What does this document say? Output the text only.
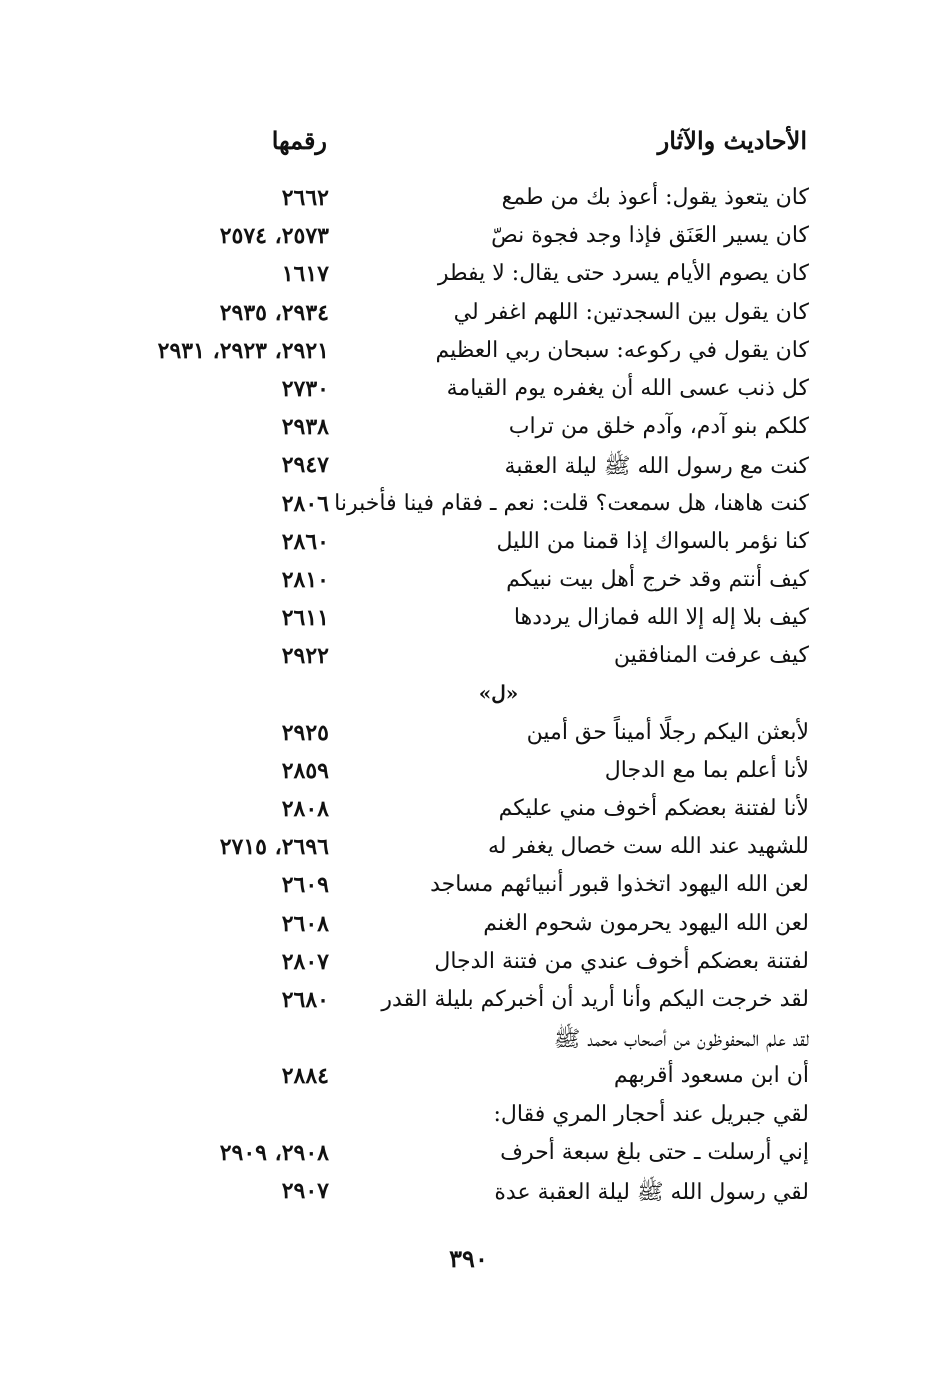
الأحاديث والآثار
رقمها
كان يتعوذ يقول: أعوذ بك من طمع
٢٦٦٢
كان يسير العَنَق فإذا وجد فجوة نصّ
٢٥٧٣، ٢٥٧٤
كان يصوم الأيام يسرد حتى يقال: لا يفطر
١٦١٧
كان يقول بين السجدتين: اللهم اغفر لي
٢٩٣٤، ٢٩٣٥
كان يقول في ركوعه: سبحان ربي العظيم
٢٩٢١، ٢٩٢٣، ٢٩٣١
كل ذنب عسى الله أن يغفره يوم القيامة
٢٧٣٠
كلكم بنو آدم، وآدم خلق من تراب
٢٩٣٨
كنت مع رسول الله ﷺ ليلة العقبة
٢٩٤٧
كنت هاهنا، هل سمعت؟ قلت: نعم ـ فقام فينا فأخبرنا
٢٨٠٦
كنا نؤمر بالسواك إذا قمنا من الليل
٢٨٦٠
كيف أنتم وقد خرج أهل بيت نبيكم
٢٨١٠
كيف بلا إله إلا الله فمازال يرددها
٢٦١١
كيف عرفت المنافقين
٢٩٢٢
«ل»
لأبعثن اليكم رجلًا أميناً حق أمين
٢٩٢٥
لأنا أعلم بما مع الدجال
٢٨٥٩
لأنا لفتنة بعضكم أخوف مني عليكم
٢٨٠٨
للشهيد عند الله ست خصال يغفر له
٢٦٩٦، ٢٧١٥
لعن الله اليهود اتخذوا قبور أنبيائهم مساجد
٢٦٠٩
لعن الله اليهود يحرمون شحوم الغنم
٢٦٠٨
لفتنة بعضكم أخوف عندي من فتنة الدجال
٢٨٠٧
لقد خرجت اليكم وأنا أريد أن أخبركم بليلة القدر
٢٦٨٠
لقد علم المحفوظون من أصحاب محمد ﷺ
أن ابن مسعود أقربهم
٢٨٨٤
لقي جبريل عند أحجار المري فقال:
إني أرسلت ـ حتى بلغ سبعة أحرف
٢٩٠٨، ٢٩٠٩
لقي رسول الله ﷺ ليلة العقبة عدة
٢٩٠٧
٣٩٠
